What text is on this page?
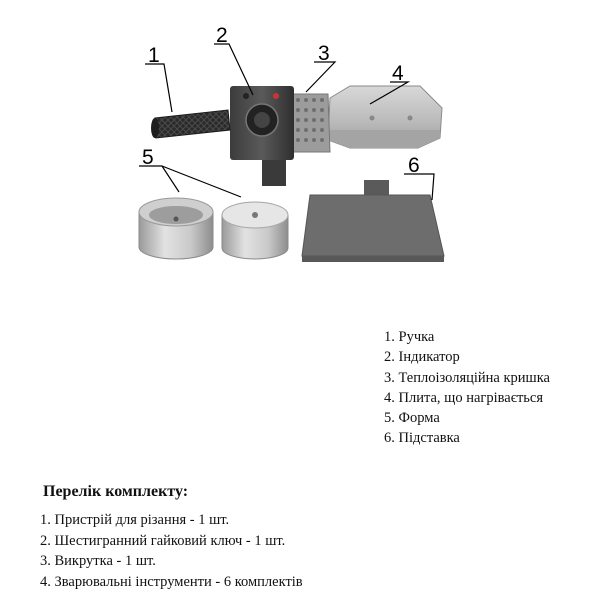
1
2
3
4
5	6
1. Ручка
2. Індикатор
3. Теплоізоляційна кришка
4. Плита, що нагрівається
5. Форма
6. Підставка
Перелік комплекту:
1. Пристрій для різання - 1 шт.
2. Шестигранний гайковий ключ - 1 шт.
3. Викрутка - 1 шт.
4. Зварювальні інструменти - 6 комплектів
